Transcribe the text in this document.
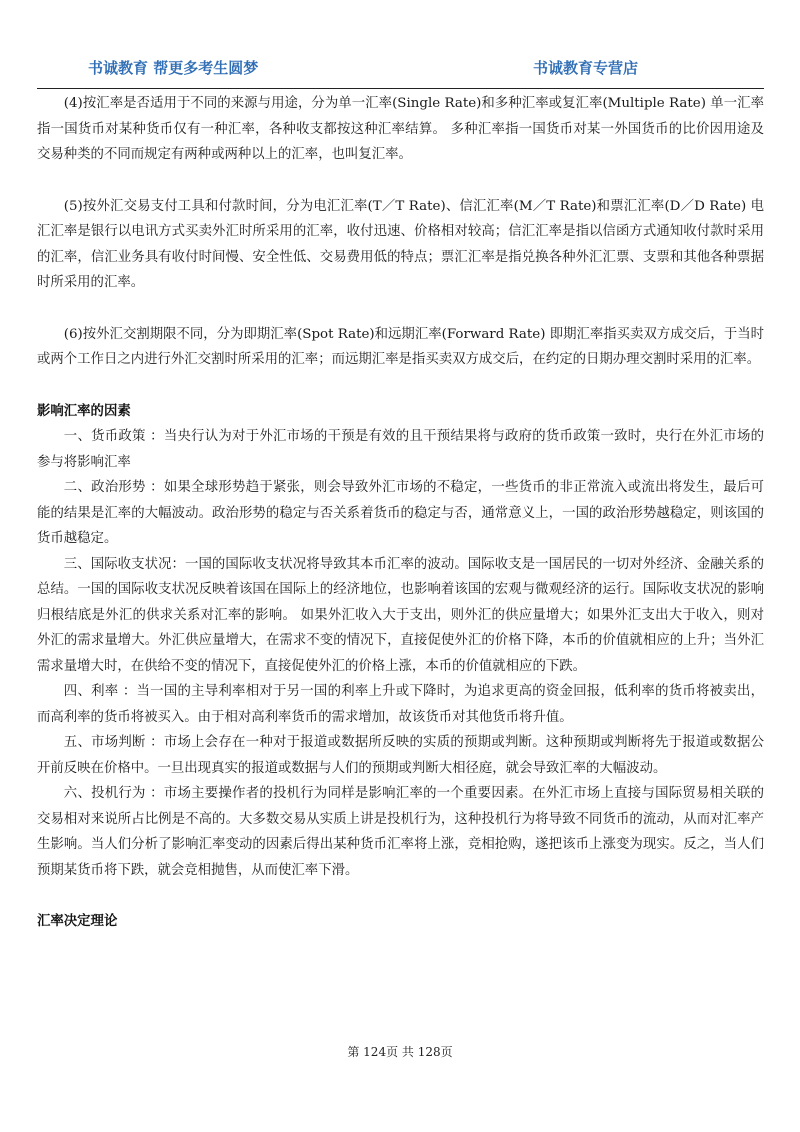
书诚教育 帮更多考生圆梦	书诚教育专营店

(4)按汇率是否适用于不同的来源与用途，分为单一汇率(Single Rate)和多种汇率或复汇率(Multiple Rate) 单一汇率指一国货币对某种货币仅有一种汇率，各种收支都按这种汇率结算。 多种汇率指一国货币对某一外国货币的比价因用途及交易种类的不同而规定有两种或两种以上的汇率，也叫复汇率。

(5)按外汇交易支付工具和付款时间，分为电汇汇率(T／T Rate)、信汇汇率(M／T Rate)和票汇汇率(D／D Rate) 电汇汇率是银行以电讯方式买卖外汇时所采用的汇率，收付迅速、价格相对较高；信汇汇率是指以信函方式通知收付款时采用的汇率，信汇业务具有收付时间慢、安全性低、交易费用低的特点；票汇汇率是指兑换各种外汇汇票、支票和其他各种票据时所采用的汇率。

(6)按外汇交割期限不同，分为即期汇率(Spot Rate)和远期汇率(Forward Rate) 即期汇率指买卖双方成交后，于当时或两个工作日之内进行外汇交割时所采用的汇率；而远期汇率是指买卖双方成交后，在约定的日期办理交割时采用的汇率。

影响汇率的因素

一、货币政策 ：当央行认为对于外汇市场的干预是有效的且干预结果将与政府的货币政策一致时，央行在外汇市场的参与将影响汇率

二、政治形势 ：如果全球形势趋于紧张，则会导致外汇市场的不稳定，一些货币的非正常流入或流出将发生，最后可能的结果是汇率的大幅波动。政治形势的稳定与否关系着货币的稳定与否，通常意义上，一国的政治形势越稳定，则该国的货币越稳定。

三、国际收支状况：一国的国际收支状况将导致其本币汇率的波动。国际收支是一国居民的一切对外经济、金融关系的总结。一国的国际收支状况反映着该国在国际上的经济地位，也影响着该国的宏观与微观经济的运行。国际收支状况的影响归根结底是外汇的供求关系对汇率的影响。 如果外汇收入大于支出，则外汇的供应量增大；如果外汇支出大于收入，则对外汇的需求量增大。外汇供应量增大，在需求不变的情况下，直接促使外汇的价格下降，本币的价值就相应的上升；当外汇需求量增大时，在供给不变的情况下，直接促使外汇的价格上涨，本币的价值就相应的下跌。

四、利率 ：当一国的主导利率相对于另一国的利率上升或下降时，为追求更高的资金回报，低利率的货币将被卖出，而高利率的货币将被买入。由于相对高利率货币的需求增加，故该货币对其他货币将升值。

五、市场判断 ：市场上会存在一种对于报道或数据所反映的实质的预期或判断。这种预期或判断将先于报道或数据公开前反映在价格中。一旦出现真实的报道或数据与人们的预期或判断大相径庭，就会导致汇率的大幅波动。

六、投机行为 ：市场主要操作者的投机行为同样是影响汇率的一个重要因素。在外汇市场上直接与国际贸易相关联的交易相对来说所占比例是不高的。大多数交易从实质上讲是投机行为，这种投机行为将导致不同货币的流动，从而对汇率产生影响。当人们分析了影响汇率变动的因素后得出某种货币汇率将上涨，竞相抢购，遂把该币上涨变为现实。反之，当人们预期某货币将下跌，就会竞相抛售，从而使汇率下滑。

汇率决定理论
第 124页 共 128页
